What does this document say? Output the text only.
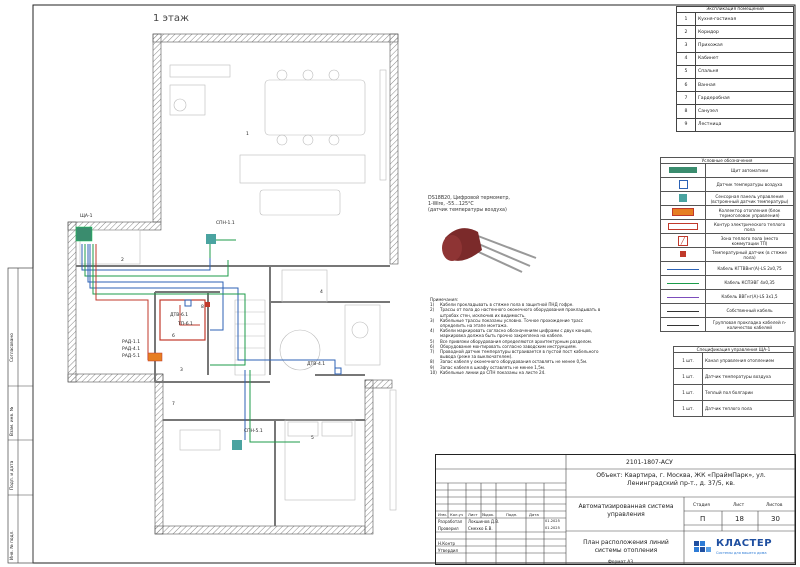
1 этаж
ЩА-1
СПН-1.1
СПН-5.1
ДТВ-4.1
ДТВ-6.1
ТП-6.1
РАД-1.1
РАД-4.1
РАД-5.1
1
2
3
4
5
6
7
8
Экспликация помещений	
1	Кухня-гостиная
2	Коридор
3	Прихожая
4	Кабинет
5	Спальня
6	Ванная
7	Гардеробная
8	Санузел
9	Лестница
Условные обозначения	
	Щит автоматики
	Датчик температуры воздуха
	Сенсорная панель управления (встроенный датчик температуры)
	Коллектор отопления (блок термоголовок управления)
	Контур электрического теплого пола
╱	Зона теплого пола (место коммутации ТП)
	Температурный датчик (в стяжке пола)
	Кабель КГТВВнг(А)-LS 2х0,75
	Кабель КСПЭВГ 4х0,35
	Кабель ВВГнг(А)-LS 3х1,5
	Собственный кабель
	Групповая прокладка кабелей n-количество кабелей
Спецификация управления ЩА-1	
1 шт.	Канал управления отоплением
1 шт.	Датчик температуры воздуха
1 шт.	Теплый пол болгарии
1 шт.	Датчик теплого пола
DS18B20, Цифровой термометр,
1-Wire, -55...125°С
(датчик температуры воздуха)
Примечания:
1)	Кабели прокладывать в стяжке пола в защитной ПНД гофре.
2)	Трассы от пола до настенного оконечного оборудования прокладывать в штробах стен, исключив их видимость.
3)	Кабельные трассы показаны условно. Точное прохождение трасс определить на этапе монтажа.
4)	Кабели маркировать согласно обозначениям цифрами с двух концов, маркировка должна быть прочно закреплена на кабеле.
5)	Все привязки оборудования определяются архитектурным разделом.
6)	Оборудование монтировать согласно заводским инструкциям.
7)	Проводной датчик температуры встраивается в пустой пост кабельного вывода (реже за выключателем).
8)	Запас кабеля у оконечного оборудования оставлять не менее 0,5м.
9)	Запас кабеля в шкафу оставлять не менее 1,5м.
10) Кабельные линии до СПН показаны на листе 24.
Согласовано
Взам. инв. №
Подп. и дата
Инв. № подл.
2101-1807-АСУ
Объект: Квартира, г. Москва, ЖК «ПраймПарк», ул. Ленинградский пр-т., д. 37/5, кв.
Изм. Кол.уч Лист №док.	Подп.	Дата
Разработал Локшинов Д.В.	01.2025
Проверил Смехко Е.В.	01.2025
Н.Контр
Утвердил
Автоматизированная система управления
План расположения линий системы отопления
Стадия	Лист	Листов
П	18	30
КЛАСТЕР
Системы для вашего дома
Формат А3
